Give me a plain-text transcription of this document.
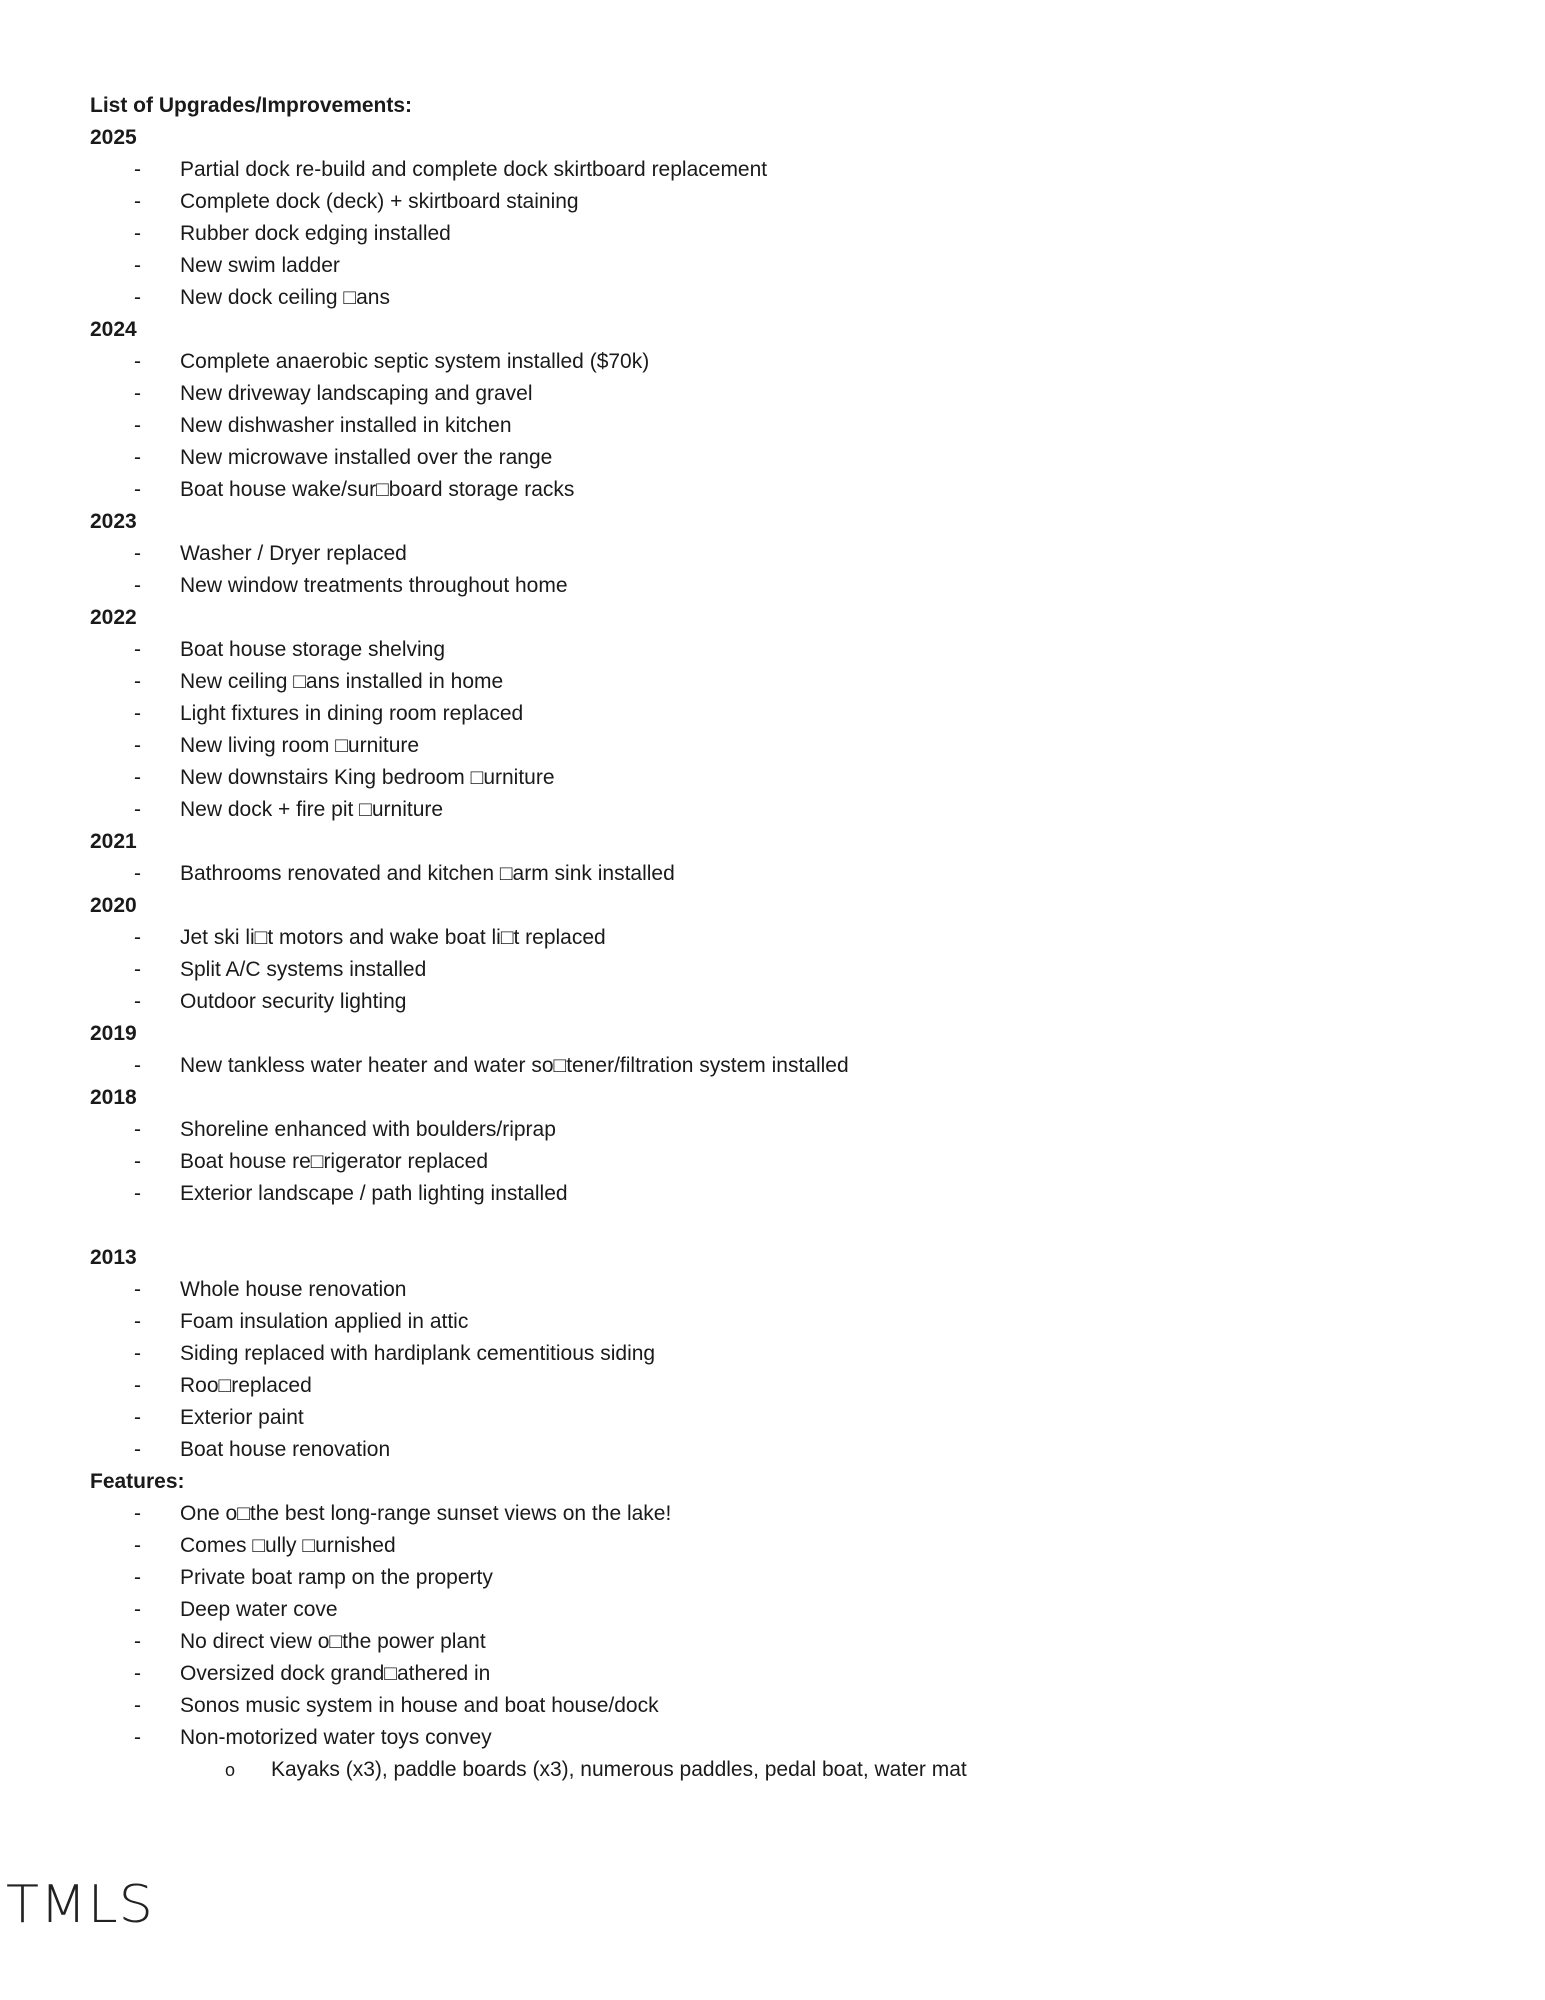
List of Upgrades/Improvements:
2025
- Partial dock re-build and complete dock skirtboard replacement
- Complete dock (deck) + skirtboard staining
- Rubber dock edging installed
- New swim ladder
- New dock ceiling □ans
2024
- Complete anaerobic septic system installed ($70k)
- New driveway landscaping and gravel
- New dishwasher installed in kitchen
- New microwave installed over the range
- Boat house wake/sur□board storage racks
2023
- Washer / Dryer replaced
- New window treatments throughout home
2022
- Boat house storage shelving
- New ceiling □ans installed in home
- Light fixtures in dining room replaced
- New living room □urniture
- New downstairs King bedroom □urniture
- New dock + fire pit □urniture
2021
- Bathrooms renovated and kitchen □arm sink installed
2020
- Jet ski li□t motors and wake boat li□t replaced
- Split A/C systems installed
- Outdoor security lighting
2019
- New tankless water heater and water so□tener/filtration system installed
2018
- Shoreline enhanced with boulders/riprap
- Boat house re□rigerator replaced
- Exterior landscape / path lighting installed
2013
- Whole house renovation
- Foam insulation applied in attic
- Siding replaced with hardiplank cementitious siding
- Roo□replaced
- Exterior paint
- Boat house renovation
Features:
- One o□the best long-range sunset views on the lake!
- Comes □ully □urnished
- Private boat ramp on the property
- Deep water cove
- No direct view o□the power plant
- Oversized dock grand□athered in
- Sonos music system in house and boat house/dock
- Non-motorized water toys convey
o Kayaks (x3), paddle boards (x3), numerous paddles, pedal boat, water mat
TMLS
